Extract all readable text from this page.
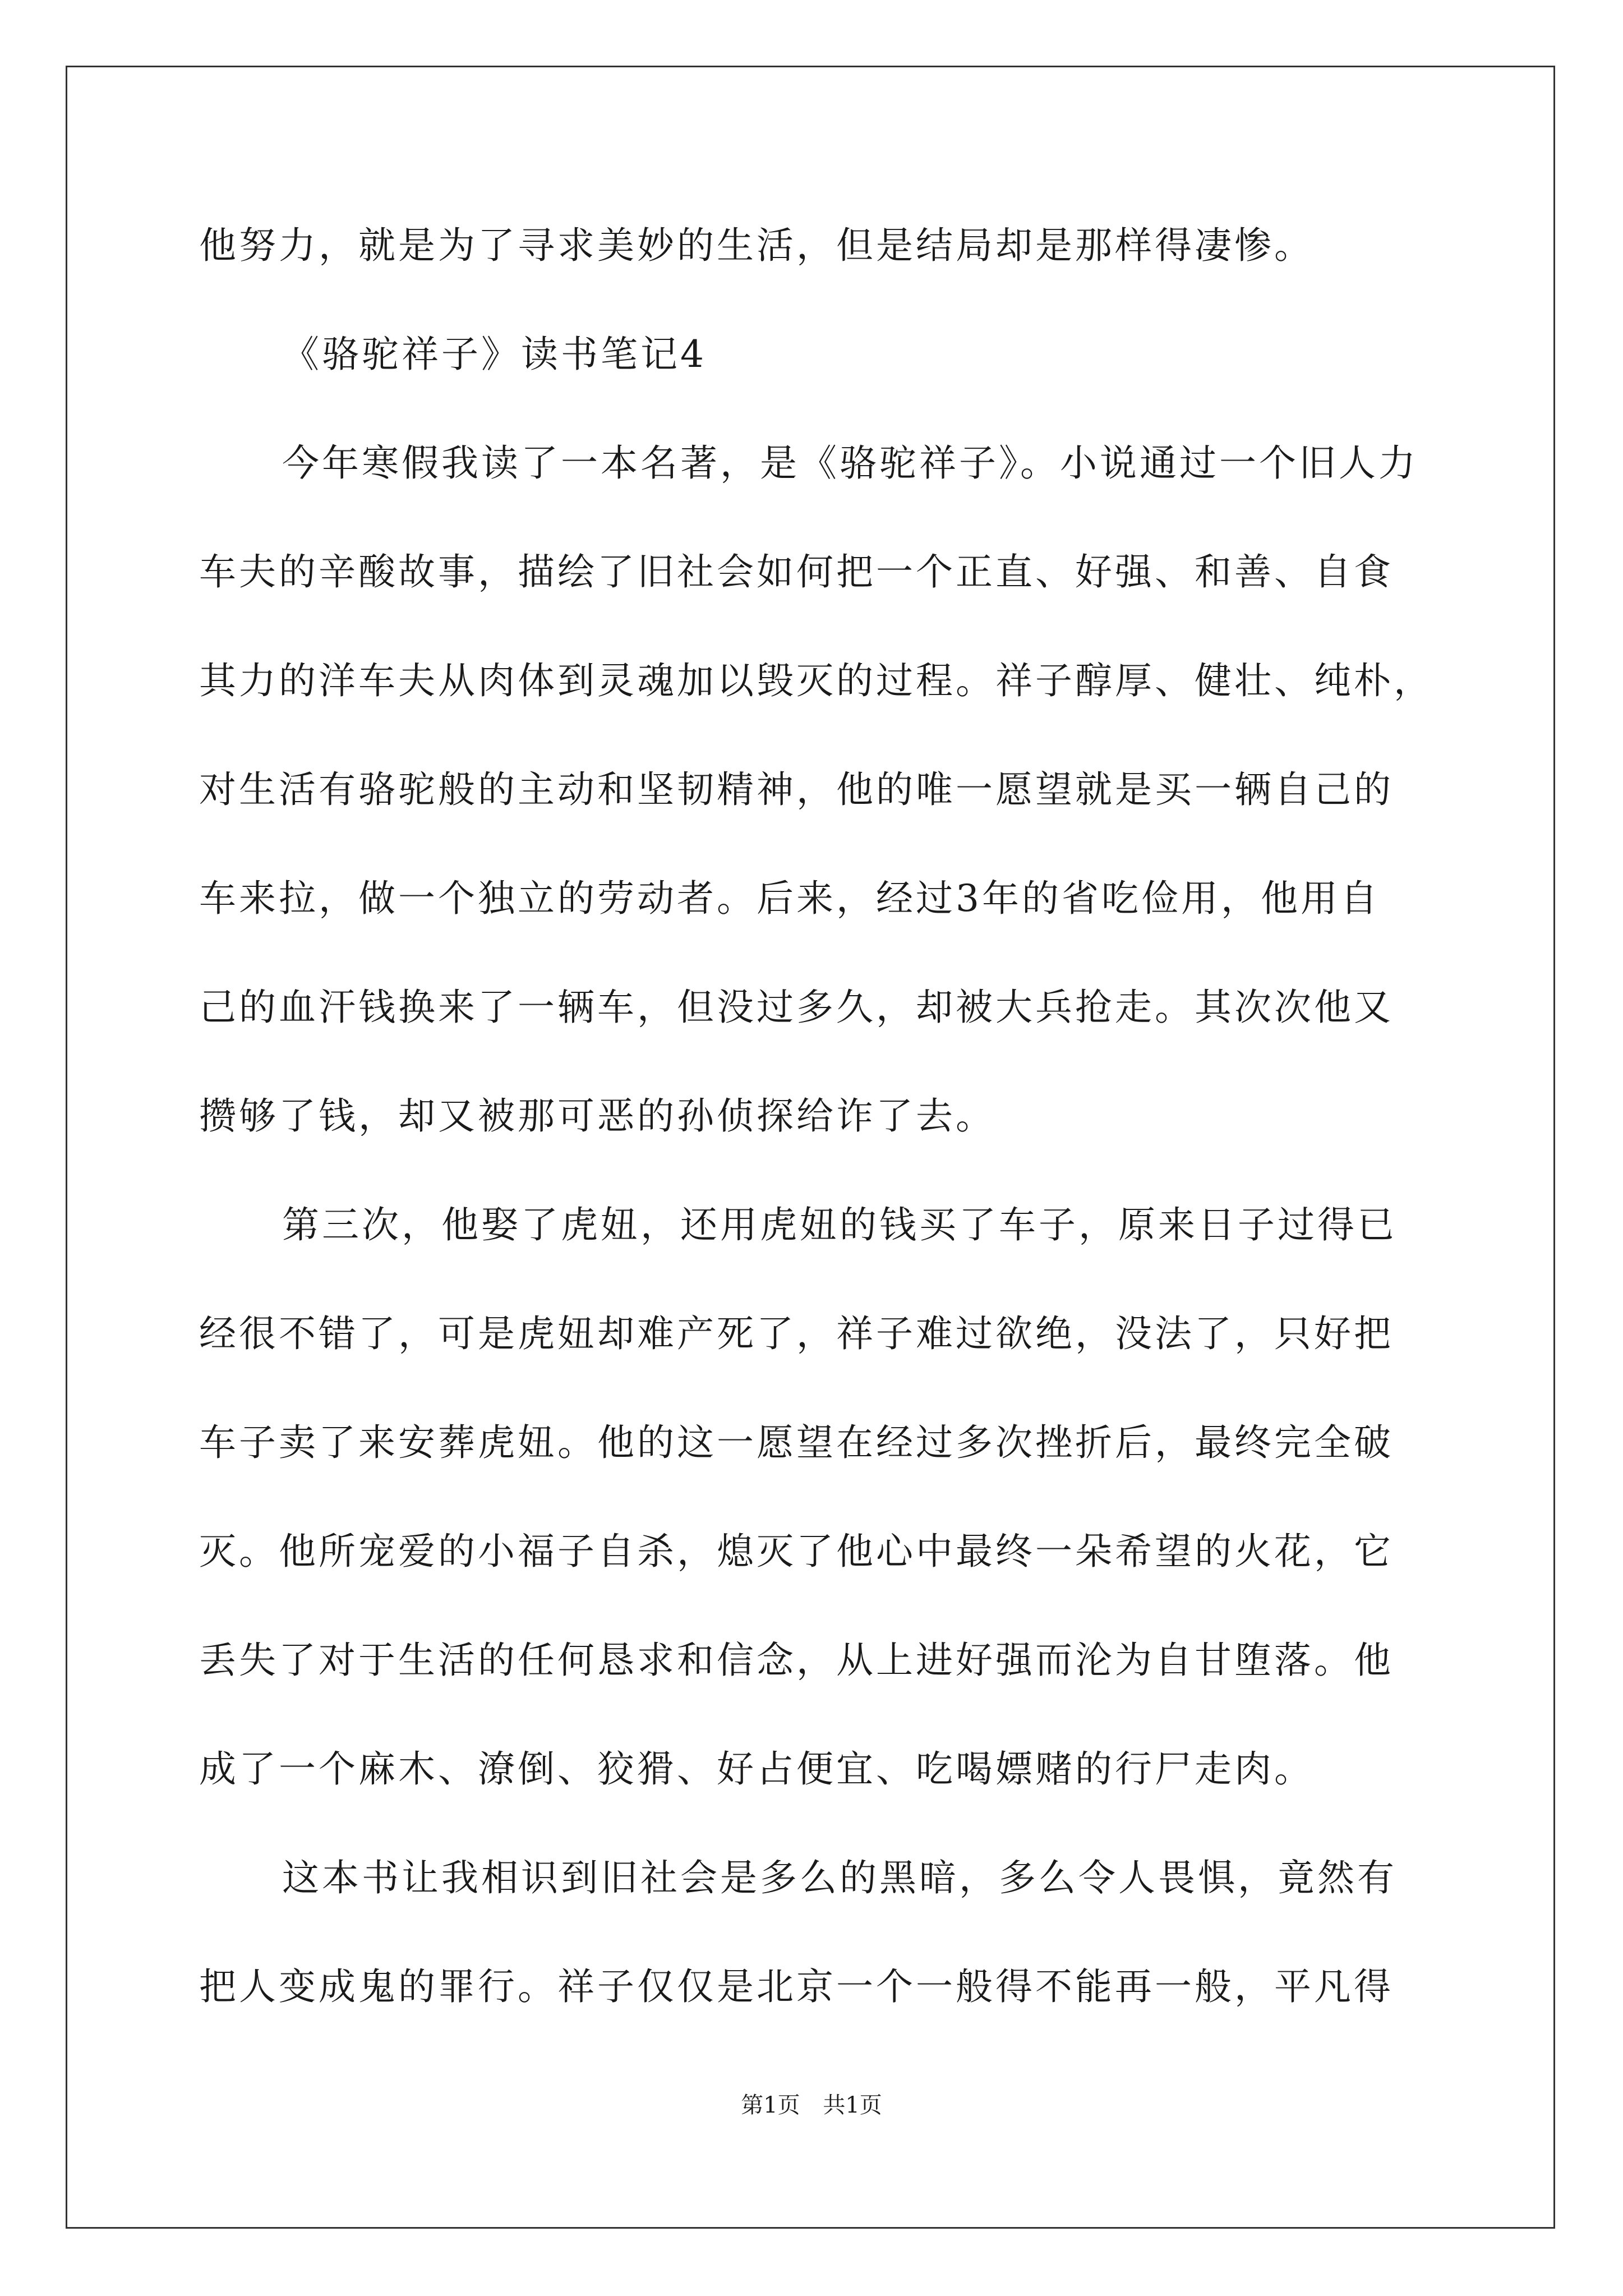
他努力，就是为了寻求美妙的生活，但是结局却是那样得凄惨。
《骆驼祥子》读书笔记4
今年寒假我读了一本名著，是《骆驼祥子》。小说通过一个旧人力
车夫的辛酸故事，描绘了旧社会如何把一个正直、好强、和善、自食
其力的洋车夫从肉体到灵魂加以毁灭的过程。祥子醇厚、健壮、纯朴，
对生活有骆驼般的主动和坚韧精神，他的唯一愿望就是买一辆自己的
车来拉，做一个独立的劳动者。后来，经过3年的省吃俭用，他用自
己的血汗钱换来了一辆车，但没过多久，却被大兵抢走。其次次他又
攒够了钱，却又被那可恶的孙侦探给诈了去。
第三次，他娶了虎妞，还用虎妞的钱买了车子，原来日子过得已
经很不错了，可是虎妞却难产死了，祥子难过欲绝，没法了，只好把
车子卖了来安葬虎妞。他的这一愿望在经过多次挫折后，最终完全破
灭。他所宠爱的小福子自杀，熄灭了他心中最终一朵希望的火花，它
丢失了对于生活的任何恳求和信念，从上进好强而沦为自甘堕落。他
成了一个麻木、潦倒、狡猾、好占便宜、吃喝嫖赌的行尸走肉。
这本书让我相识到旧社会是多么的黑暗，多么令人畏惧，竟然有
把人变成鬼的罪行。祥子仅仅是北京一个一般得不能再一般，平凡得
第1页 共1页
